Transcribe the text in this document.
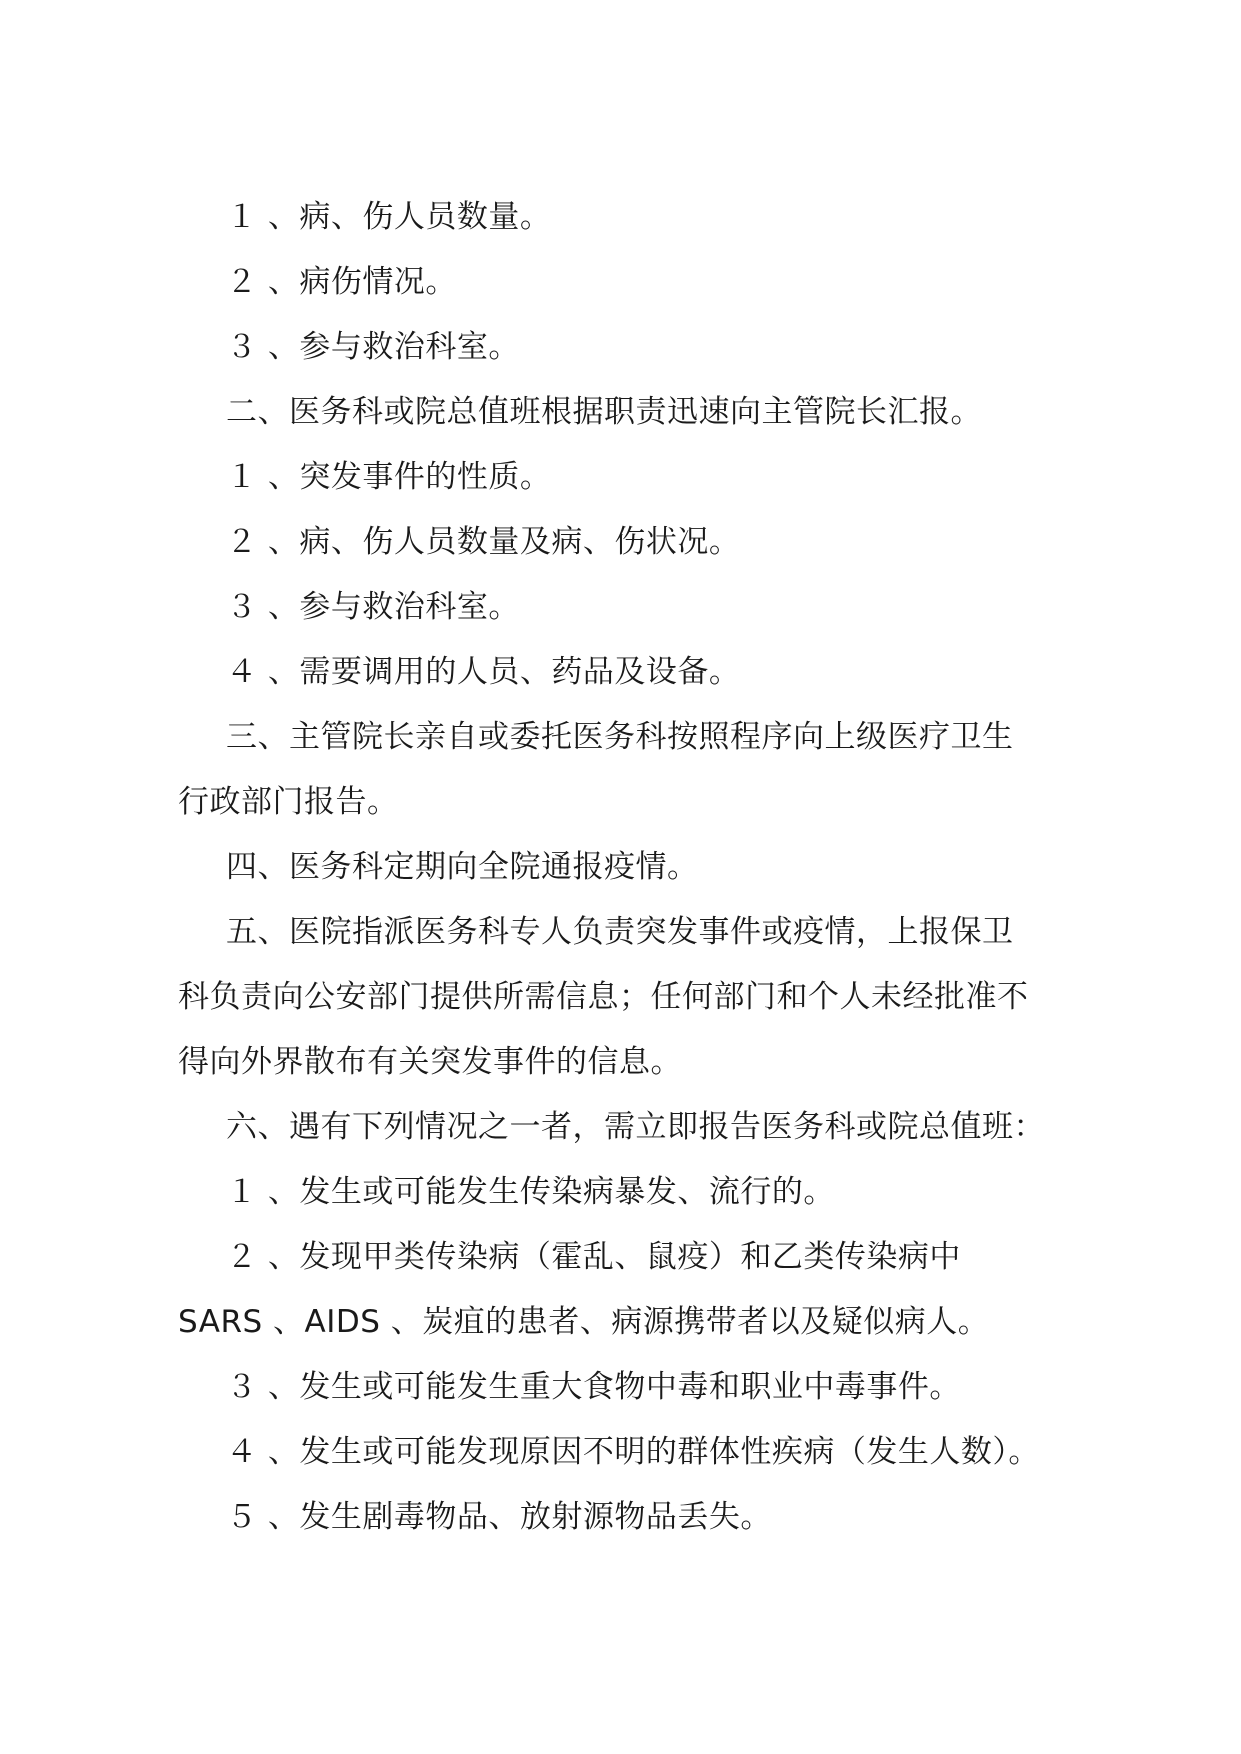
１ 、病、伤人员数量。
２ 、病伤情况。
３ 、参与救治科室。
二、医务科或院总值班根据职责迅速向主管院长汇报。
１ 、突发事件的性质。
２ 、病、伤人员数量及病、伤状况。
３ 、参与救治科室。
４ 、需要调用的人员、药品及设备。
三、主管院长亲自或委托医务科按照程序向上级医疗卫生
行政部门报告。
四、医务科定期向全院通报疫情。
五、医院指派医务科专人负责突发事件或疫情，上报保卫
科负责向公安部门提供所需信息；任何部门和个人未经批准不
得向外界散布有关突发事件的信息。
六、遇有下列情况之一者，需立即报告医务科或院总值班：
１ 、发生或可能发生传染病暴发、流行的。
２ 、发现甲类传染病（霍乱、鼠疫）和乙类传染病中
SARS 、AIDS 、炭疽的患者、病源携带者以及疑似病人。
３ 、发生或可能发生重大食物中毒和职业中毒事件。
４ 、发生或可能发现原因不明的群体性疾病（发生人数）。
５ 、发生剧毒物品、放射源物品丢失。
